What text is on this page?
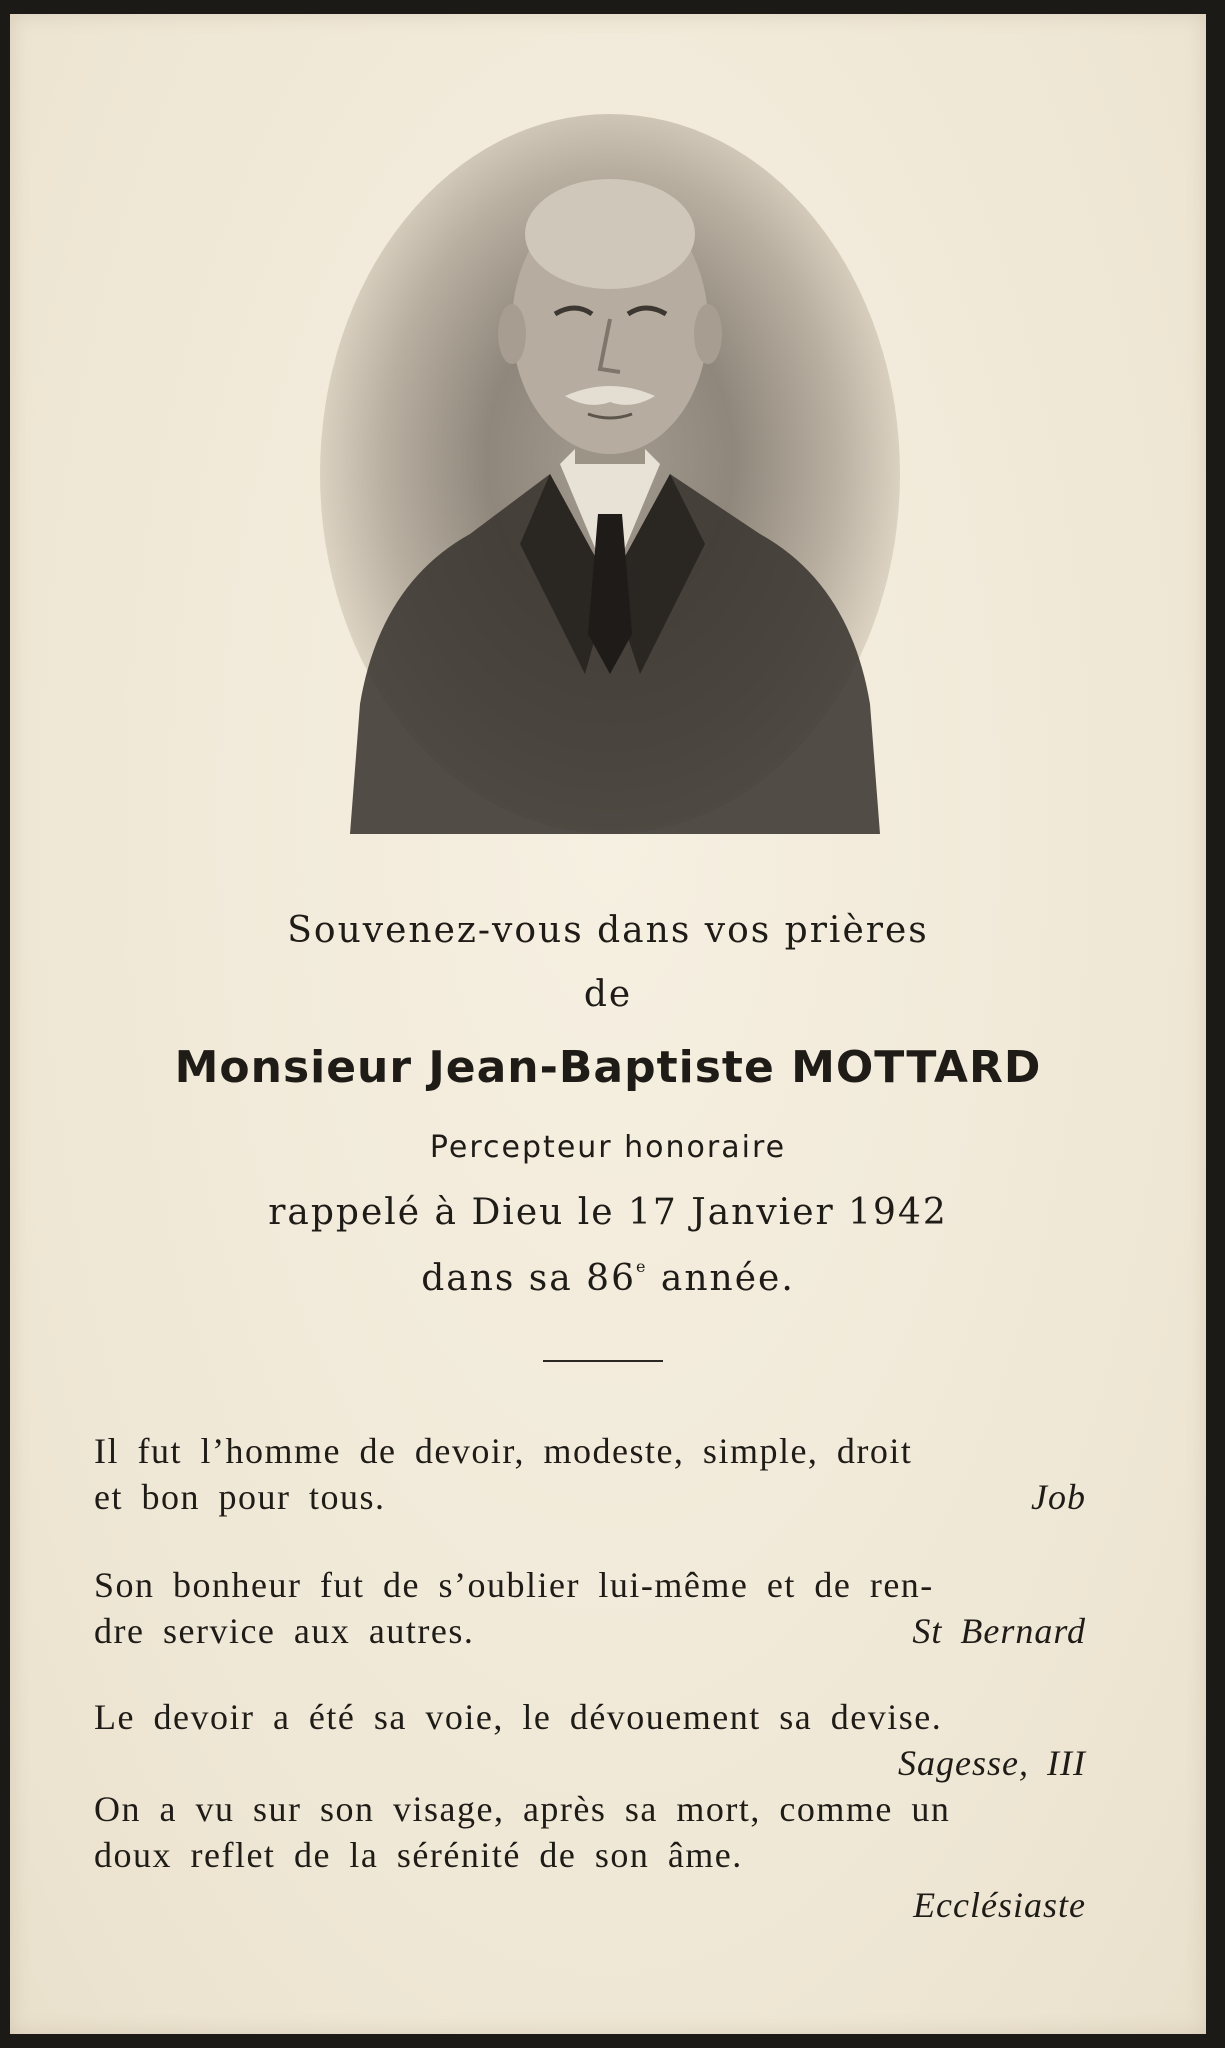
Souvenez-vous dans vos prières
de
Monsieur Jean-Baptiste MOTTARD
Percepteur honoraire
rappelé à Dieu le 17 Janvier 1942
dans sa 86e année.
Il fut l’homme de devoir, modeste, simple, droit
et bon pour tous.	Job
Son bonheur fut de s’oublier lui-même et de ren-
dre service aux autres.	St Bernard
Le devoir a été sa voie, le dévouement sa devise.
Sagesse, III
On a vu sur son visage, après sa mort, comme un
doux reflet de la sérénité de son âme.
Ecclésiaste
